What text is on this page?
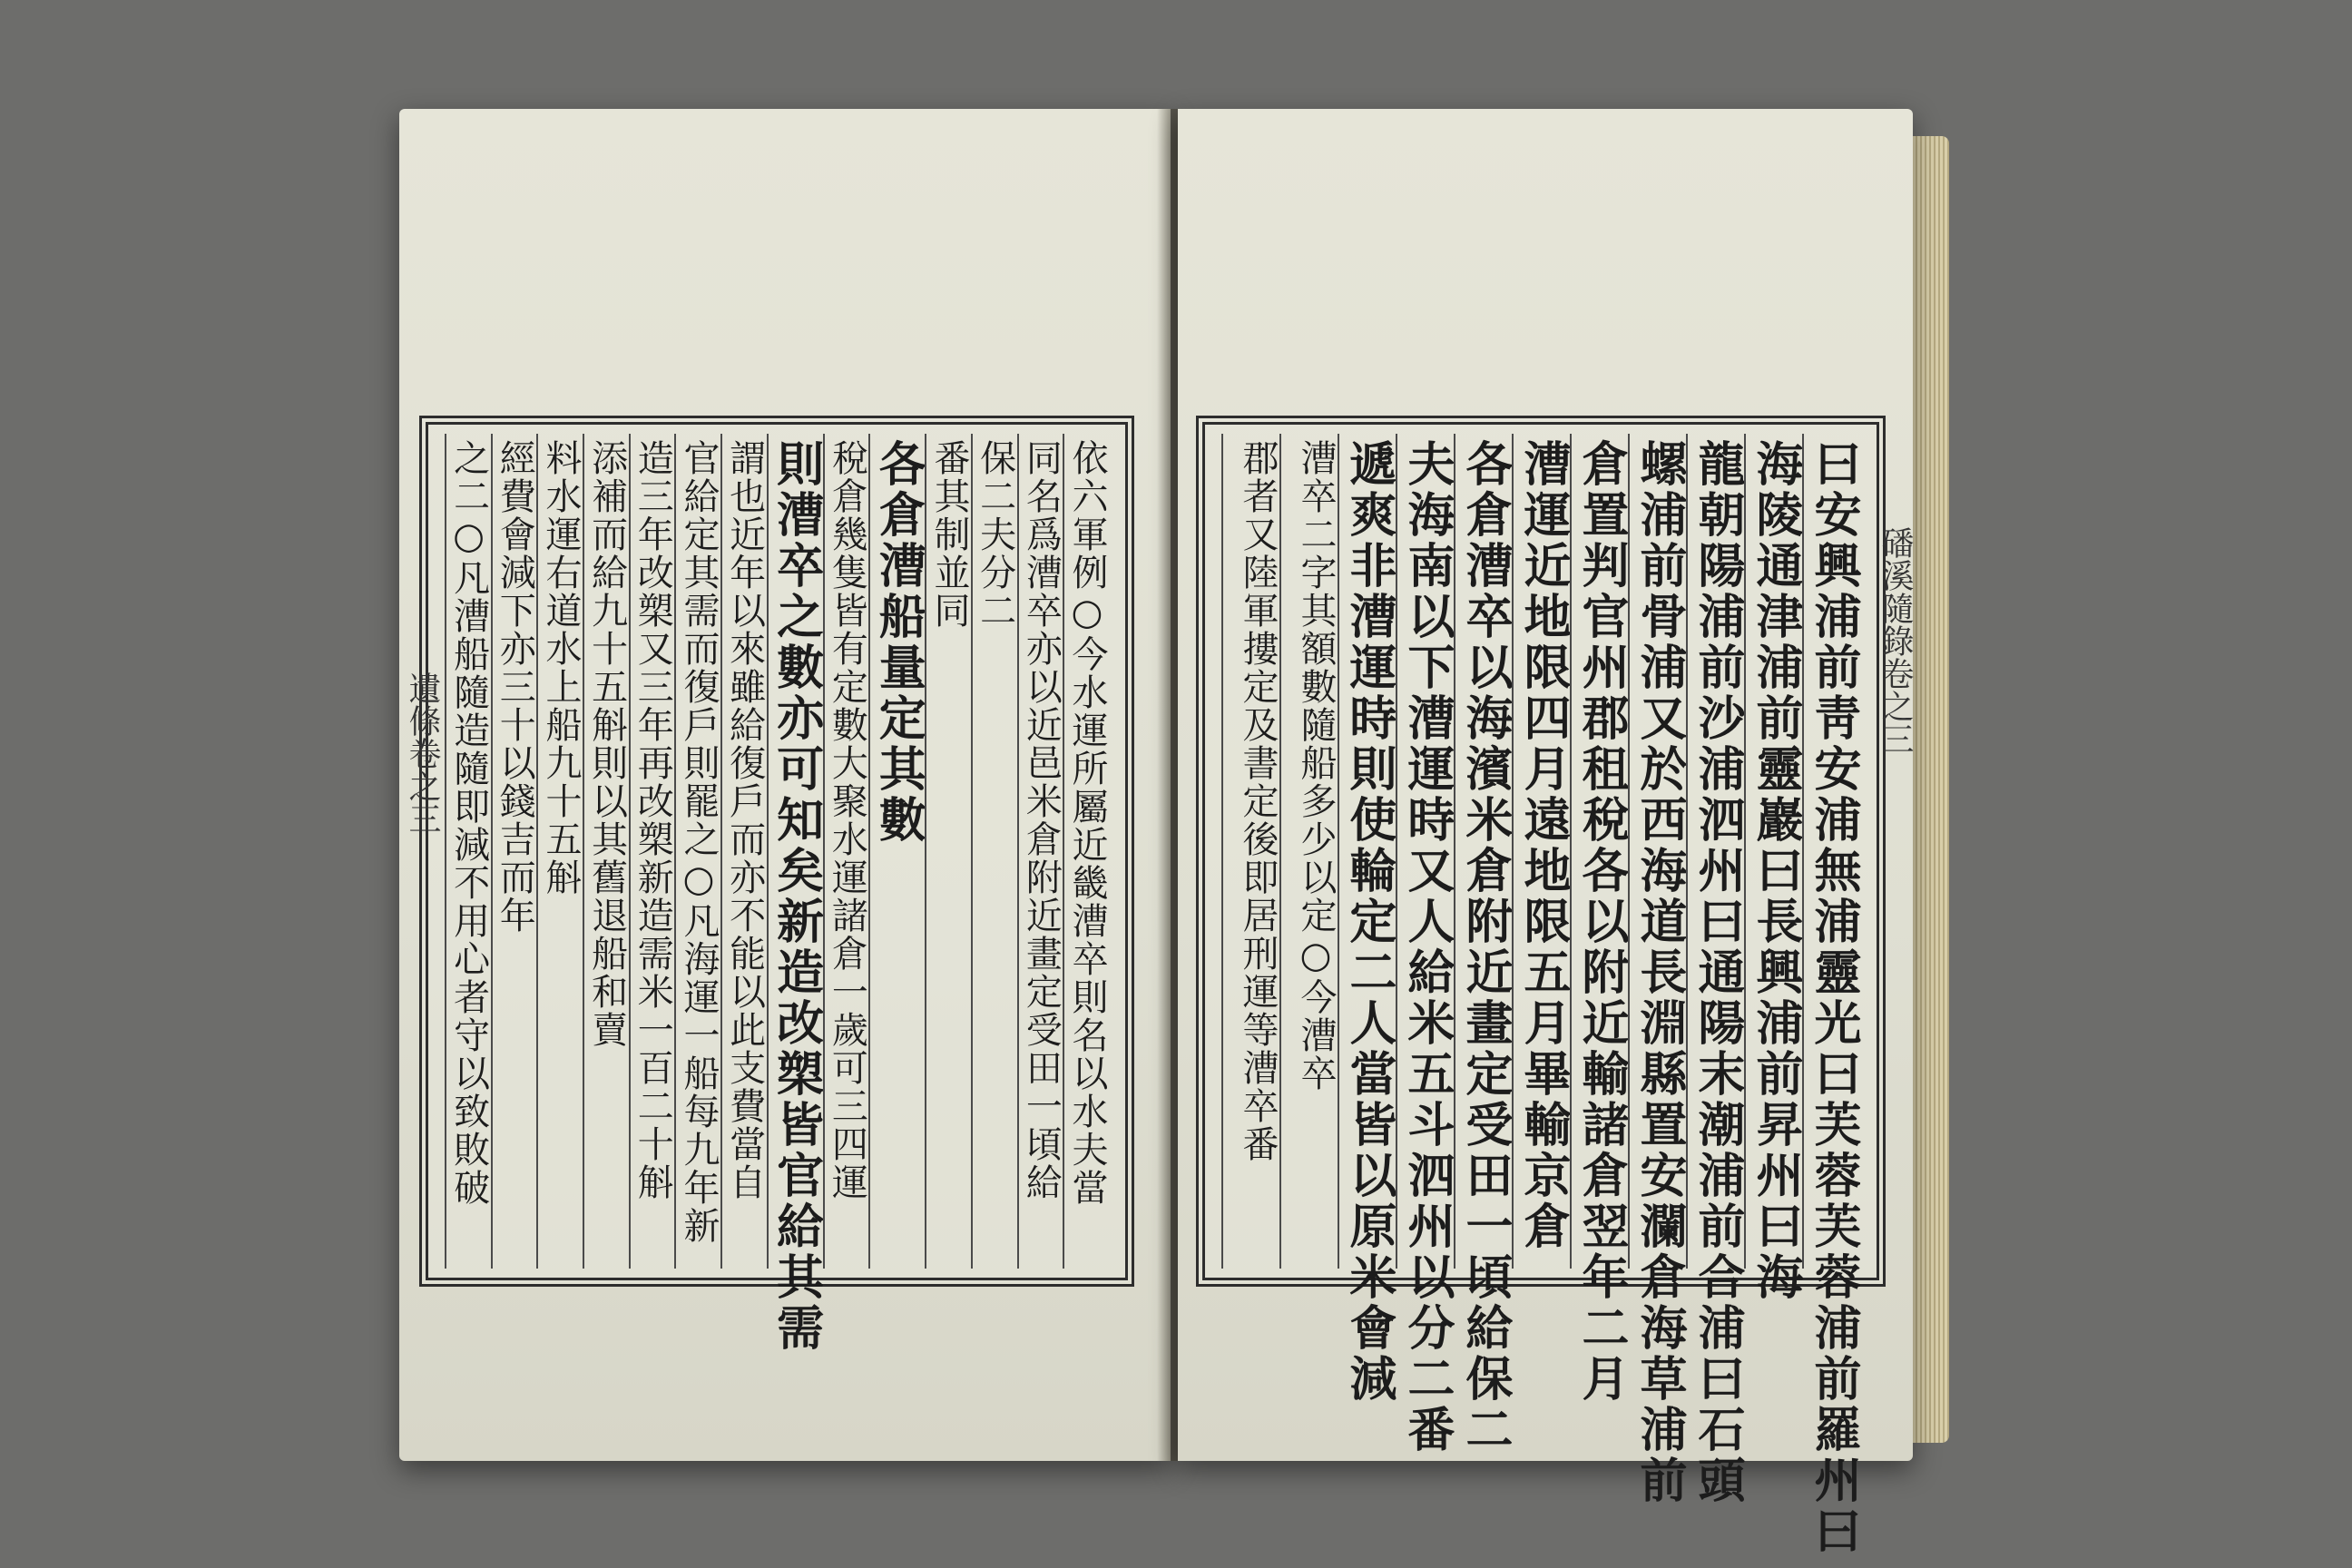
依六軍例○今水運所屬近畿漕卒則名以水夫當
同名爲漕卒亦以近邑米倉附近畫定受田一頃給
保二夫分二
番其制並同
各倉漕船量定其數
稅倉幾隻皆有定數大聚水運諸倉一歲可三四運
則漕卒之數亦可知矣新造改槊皆官給其需
謂也近年以來雖給復戶而亦不能以此支費當自
官給定其需而復戶則罷之○凡海運一船每九年新
造三年改槊又三年再改槊新造需米一百二十斛
添補而給九十五斛則以其舊退船和賣
料水運右道水上船九十五斛
經費會減下亦三十以錢吉而年
之二○凡漕船隨造隨即減不用心者守以致敗破
遺條卷之三	曰安興浦前靑安浦無浦靈光曰芙蓉芙蓉浦前羅州曰
海陵通津浦前靈巖曰長興浦前昇州曰海
龍朝陽浦前沙浦泗州曰通陽末潮浦前合浦曰石頭
螺浦前骨浦又於西海道長淵縣置安瀾倉海草浦前
倉置判官州郡租稅各以附近輸諸倉翌年二月
漕運近地限四月遠地限五月畢輸京倉
各倉漕卒以海濱米倉附近畫定受田一頃給保二
夫海南以下漕運時又人給米五斗泗州以分二番
遞爽非漕運時則使輪定二人當皆以原米會減
漕卒二字其額數隨船多少以定○今漕卒
郡者又陸軍摟定及書定後即居刑運等漕卒番	磻溪隨錄卷之三
